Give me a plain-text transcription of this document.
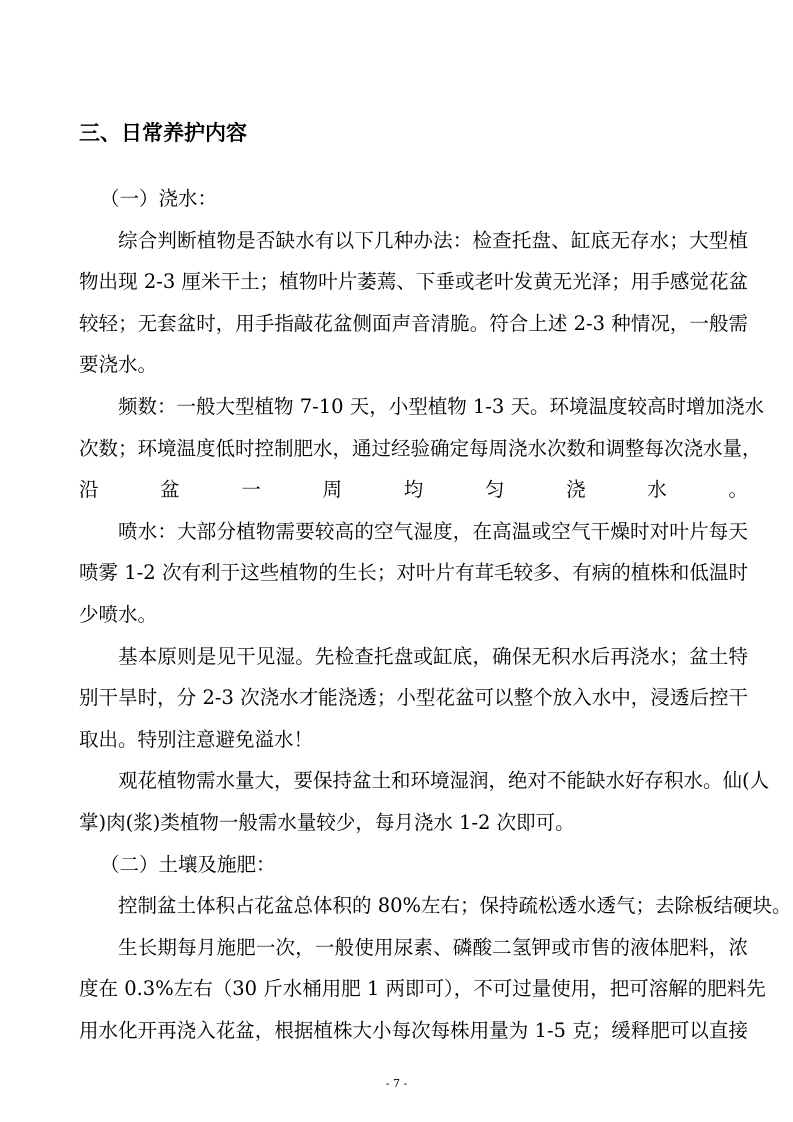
三、日常养护内容
（一）浇水：
综合判断植物是否缺水有以下几种办法：检查托盘、缸底无存水；大型植
物出现 2-3 厘米干土；植物叶片萎蔫、下垂或老叶发黄无光泽；用手感觉花盆
较轻；无套盆时，用手指敲花盆侧面声音清脆。符合上述 2-3 种情况，一般需
要浇水。
频数：一般大型植物 7-10 天，小型植物 1-3 天。环境温度较高时增加浇水
次数；环境温度低时控制肥水，通过经验确定每周浇水次数和调整每次浇水量，
沿盆一周均匀浇水。
喷水：大部分植物需要较高的空气湿度，在高温或空气干燥时对叶片每天
喷雾 1-2 次有利于这些植物的生长；对叶片有茸毛较多、有病的植株和低温时
少喷水。
基本原则是见干见湿。先检查托盘或缸底，确保无积水后再浇水；盆土特
别干旱时，分 2-3 次浇水才能浇透；小型花盆可以整个放入水中，浸透后控干
取出。特别注意避免溢水！
观花植物需水量大，要保持盆土和环境湿润，绝对不能缺水好存积水。仙(人
掌)肉(浆)类植物一般需水量较少，每月浇水 1-2 次即可。
（二）土壤及施肥：
控制盆土体积占花盆总体积的 80%左右；保持疏松透水透气；去除板结硬块。
生长期每月施肥一次，一般使用尿素、磷酸二氢钾或市售的液体肥料，浓
度在 0.3%左右（30 斤水桶用肥 1 两即可），不可过量使用，把可溶解的肥料先
用水化开再浇入花盆，根据植株大小每次每株用量为 1-5 克；缓释肥可以直接
- 7 -
